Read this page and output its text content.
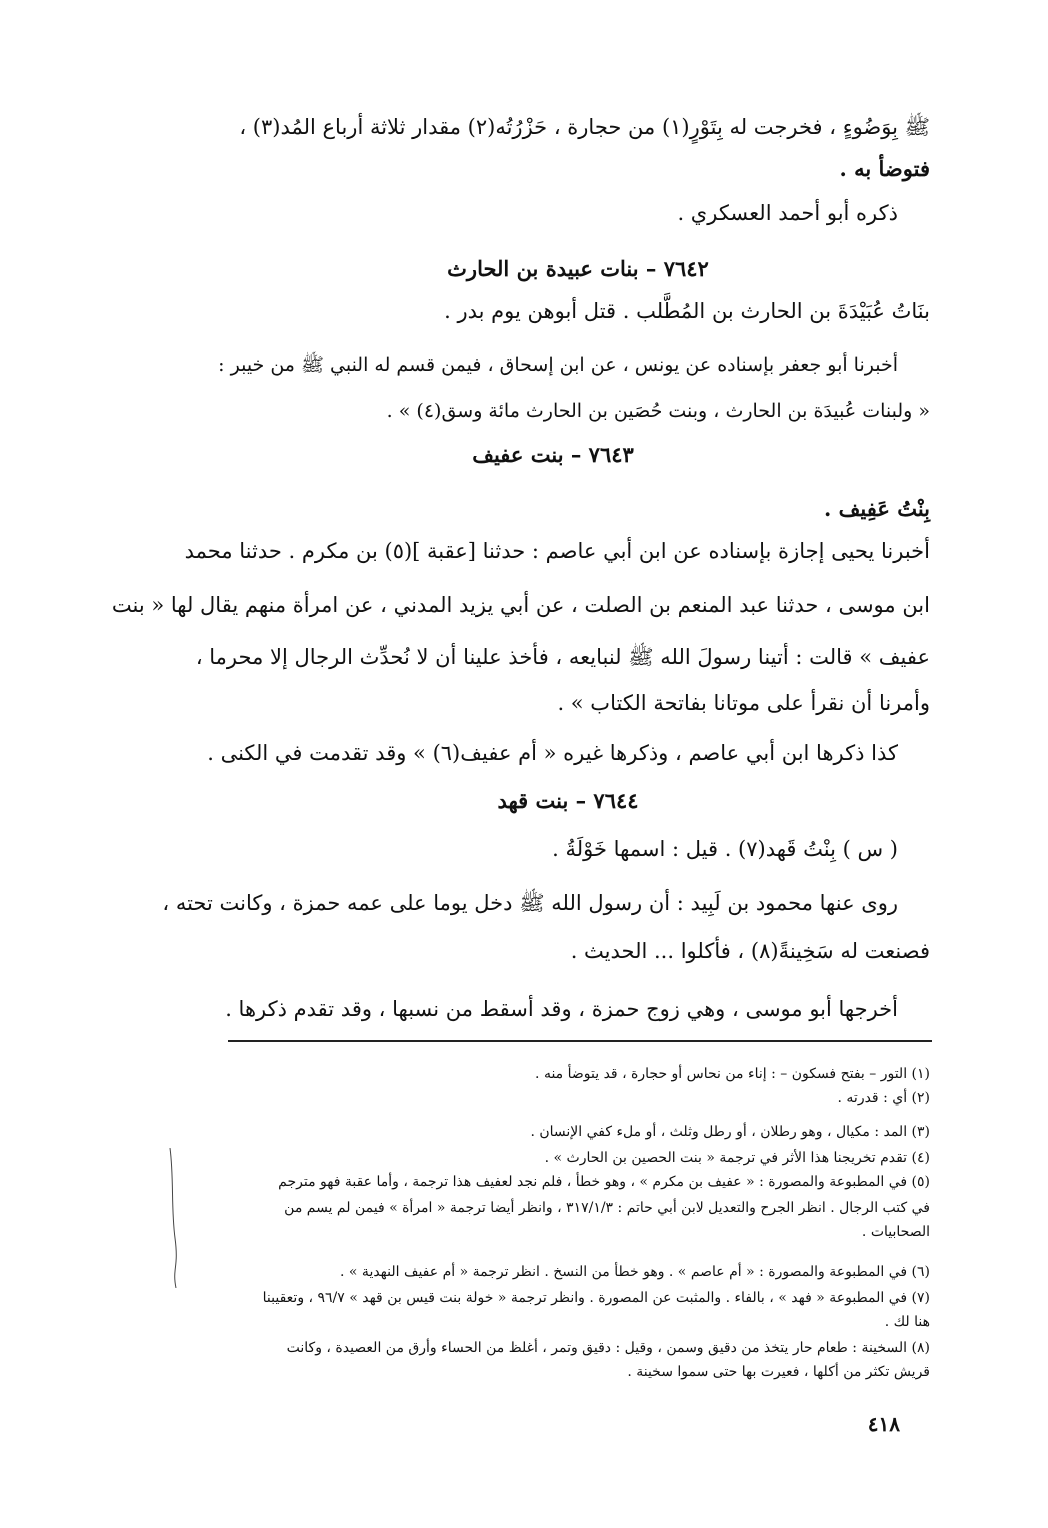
ﷺ بِوَضُوءٍ ، فخرجت له بِتَوْرٍ(١) من حجارة ، حَزْرُتُه(٢) مقدار ثلاثة أرباع المُد(٣) ،
فتوضأ به .
ذكره أبو أحمد العسكري .
٧٦٤٢ – بنات عبيدة بن الحارث
بنَاتُ عُبَيْدَةَ بن الحارث بن المُطَّلب . قتل أبوهن يوم بدر .
أخبرنا أبو جعفر بإسناده عن يونس ، عن ابن إسحاق ، فيمن قسم له النبي ﷺ من خيبر :
« ولبنات عُبيدَة بن الحارث ، وبنت حُصَين بن الحارث مائة وسق(٤) » .
٧٦٤٣ – بنت عفيف
بِنْتُ عَفِيف .
أخبرنا يحيى إجازة بإسناده عن ابن أبي عاصم : حدثنا [عقبة ](٥) بن مكرم . حدثنا محمد
ابن موسى ، حدثنا عبد المنعم بن الصلت ، عن أبي يزيد المدني ، عن امرأة منهم يقال لها « بنت
عفيف » قالت : أتينا رسولَ الله ﷺ لنبايعه ، فأخذ علينا أن لا نُحدِّث الرجال إلا محرما ،
وأمرنا أن نقرأ على موتانا بفاتحة الكتاب » .
كذا ذكرها ابن أبي عاصم ، وذكرها غيره « أم عفيف(٦) » وقد تقدمت في الكنى .
٧٦٤٤ – بنت قهد
( س ) بِنْتُ قَهد(٧) . قيل : اسمها خَوْلَةُ .
روى عنها محمود بن لَبِيد : أن رسول الله ﷺ دخل يوما على عمه حمزة ، وكانت تحته ،
فصنعت له سَخِينةً(٨) ، فأكلوا ... الحديث .
أخرجها أبو موسى ، وهي زوج حمزة ، وقد أسقط من نسبها ، وقد تقدم ذكرها .
(١) التور – بفتح فسكون – : إناء من نحاس أو حجارة ، قد يتوضأ منه .
(٢) أي : قدرته .
(٣) المد : مكيال ، وهو رطلان ، أو رطل وثلث ، أو ملء كفي الإنسان .
(٤) تقدم تخريجنا هذا الأثر في ترجمة « بنت الحصين بن الحارث » .
(٥) في المطبوعة والمصورة : « عفيف بن مكرم » ، وهو خطأ ، فلم نجد لعفيف هذا ترجمة ، وأما عقبة فهو مترجم
في كتب الرجال . انظر الجرح والتعديل لابن أبي حاتم : ٣١٧/١/٣ ، وانظر أيضا ترجمة « امرأة » فيمن لم يسم من
الصحابيات .
(٦) في المطبوعة والمصورة : « أم عاصم » . وهو خطأ من النسخ . انظر ترجمة « أم عفيف النهدية » .
(٧) في المطبوعة « فهد » ، بالفاء . والمثبت عن المصورة . وانظر ترجمة « خولة بنت قيس بن قهد » ٩٦/٧ ، وتعقيبنا
هنا لك .
(٨) السخينة : طعام حار يتخذ من دقيق وسمن ، وقيل : دقيق وتمر ، أغلظ من الحساء وأرق من العصيدة ، وكانت
قريش تكثر من أكلها ، فعيرت بها حتى سموا سخينة .
٤١٨
